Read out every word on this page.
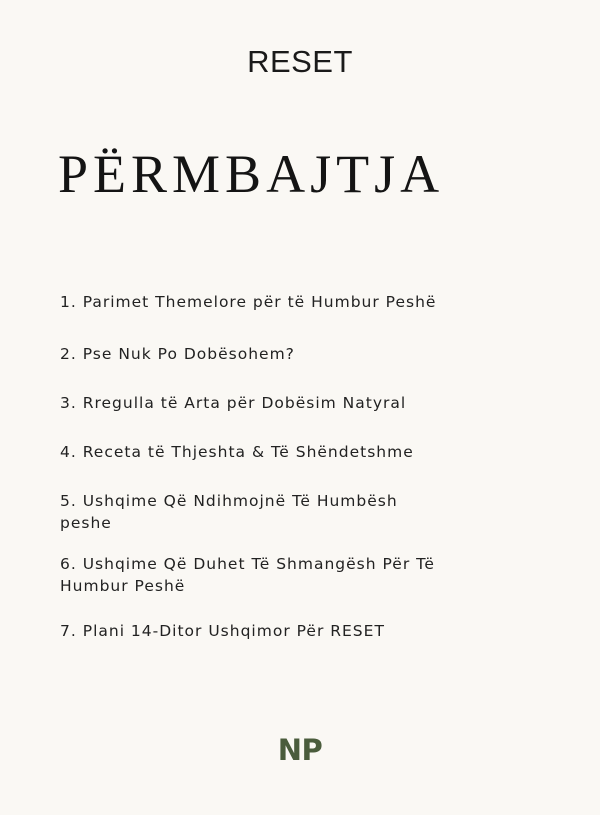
RESET
PËRMBAJTJA
1. Parimet Themelore për të Humbur Peshë
2. Pse Nuk Po Dobësohem?
3. Rregulla të Arta për Dobësim Natyral
4. Receta të Thjeshta & Të Shëndetshme
5. Ushqime Që Ndihmojnë Të Humbësh peshe
6. Ushqime Që Duhet Të Shmangësh Për Të Humbur Peshë
7. Plani 14-Ditor Ushqimor Për RESET
NP
